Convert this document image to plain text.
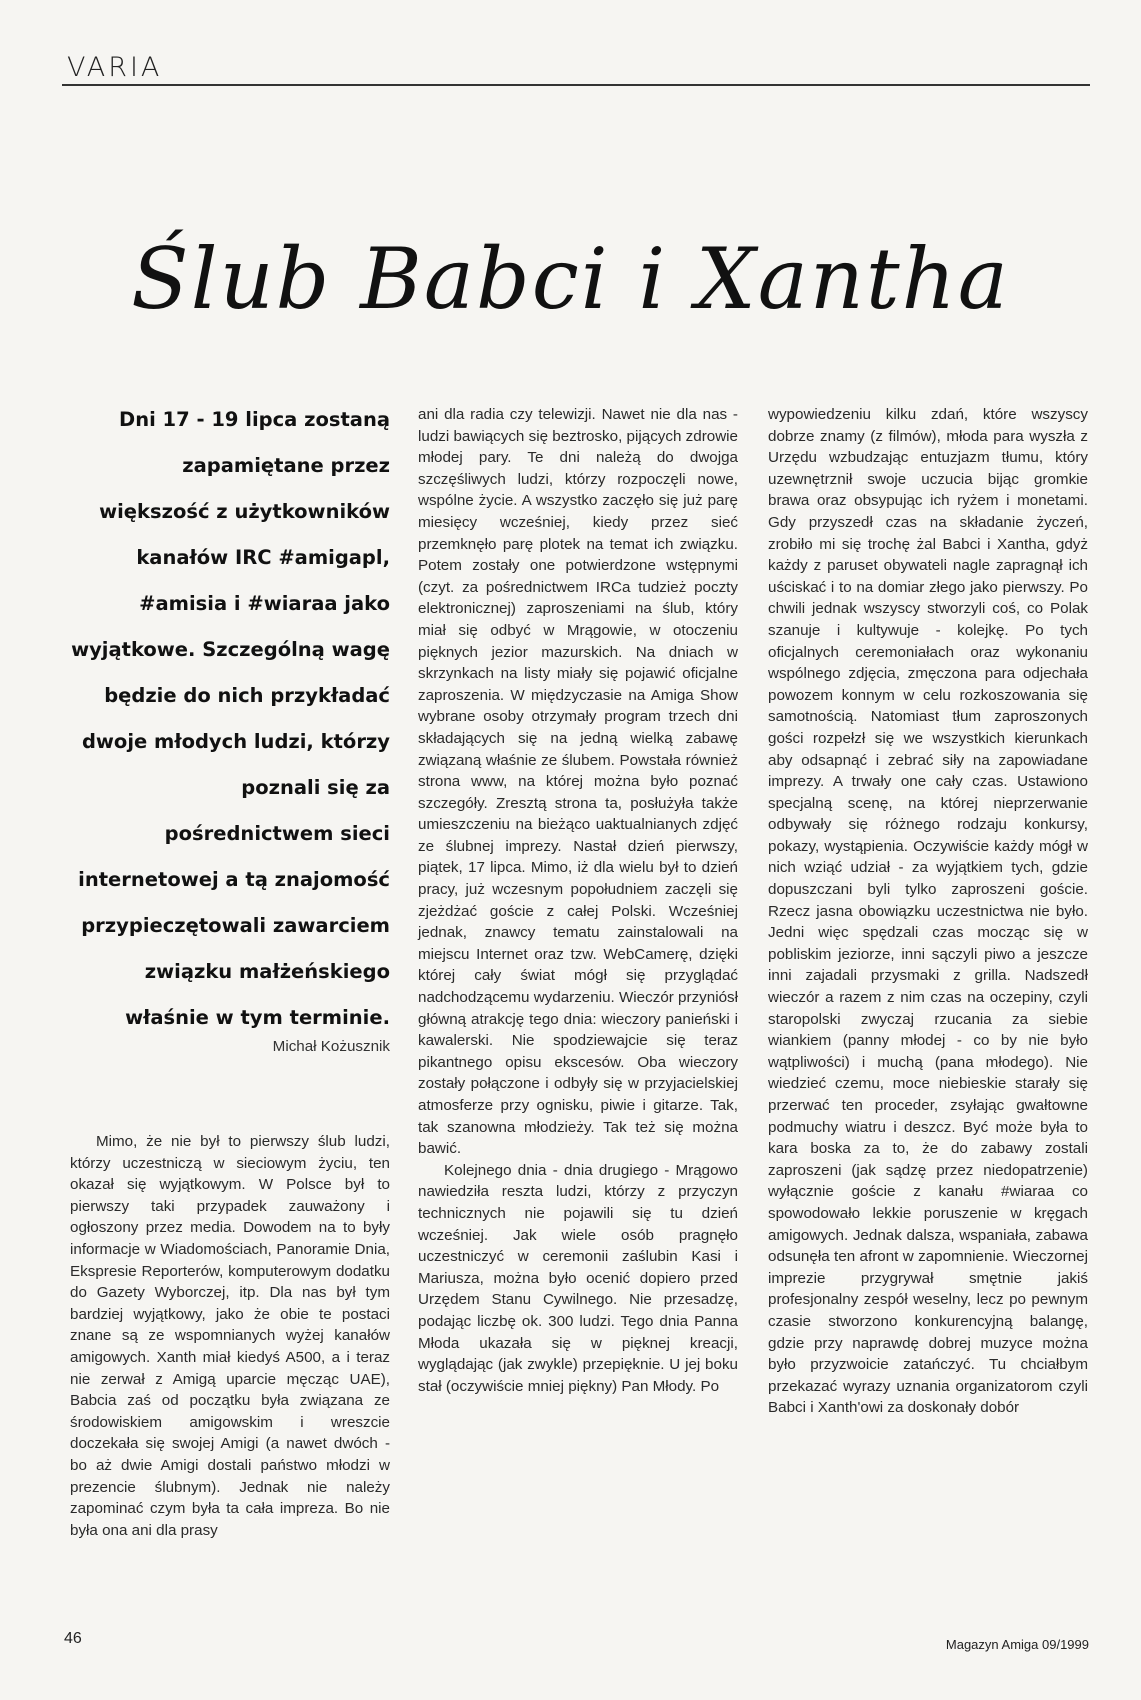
VARIA
Ślub Babci i Xantha
Dni 17 - 19 lipca zostaną zapamiętane przez większość z użytkowników kanałów IRC #amigapl, #amisia i #wiaraa jako wyjątkowe. Szczególną wagę będzie do nich przykładać dwoje młodych ludzi, którzy poznali się za pośrednictwem sieci internetowej a tą znajomość przypieczętowali zawarciem związku małżeńskiego właśnie w tym terminie.
Michał Kożusznik

Mimo, że nie był to pierwszy ślub ludzi, którzy uczestniczą w sieciowym życiu, ten okazał się wyjątkowym. W Polsce był to pierwszy taki przypadek zauważony i ogłoszony przez media. Dowodem na to były informacje w Wiadomościach, Panoramie Dnia, Ekspresie Reporterów, komputerowym dodatku do Gazety Wyborczej, itp. Dla nas był tym bardziej wyjątkowy, jako że obie te postaci znane są ze wspomnianych wyżej kanałów amigowych. Xanth miał kiedyś A500, a i teraz nie zerwał z Amigą uparcie męcząc UAE), Babcia zaś od początku była związana ze środowiskiem amigowskim i wreszcie doczekała się swojej Amigi (a nawet dwóch - bo aż dwie Amigi dostali państwo młodzi w prezencie ślubnym). Jednak nie należy zapominać czym była ta cała impreza. Bo nie była ona ani dla prasy

ani dla radia czy telewizji. Nawet nie dla nas - ludzi bawiących się beztrosko, pijących zdrowie młodej pary. Te dni należą do dwojga szczęśliwych ludzi, którzy rozpoczęli nowe, wspólne życie. A wszystko zaczęło się już parę miesięcy wcześniej, kiedy przez sieć przemknęło parę plotek na temat ich związku. Potem zostały one potwierdzone wstępnymi (czyt. za pośrednictwem IRCa tudzież poczty elektronicznej) zaproszeniami na ślub, który miał się odbyć w Mrągowie, w otoczeniu pięknych jezior mazurskich. Na dniach w skrzynkach na listy miały się pojawić oficjalne zaproszenia. W międzyczasie na Amiga Show wybrane osoby otrzymały program trzech dni składających się na jedną wielką zabawę związaną właśnie ze ślubem. Powstała również strona www, na której można było poznać szczegóły. Zresztą strona ta, posłużyła także umieszczeniu na bieżąco uaktualnianych zdjęć ze ślubnej imprezy. Nastał dzień pierwszy, piątek, 17 lipca. Mimo, iż dla wielu był to dzień pracy, już wczesnym popołudniem zaczęli się zjeżdżać goście z całej Polski. Wcześniej jednak, znawcy tematu zainstalowali na miejscu Internet oraz tzw. WebCamerę, dzięki której cały świat mógł się przyglądać nadchodzącemu wydarzeniu. Wieczór przyniósł główną atrakcję tego dnia: wieczory panieński i kawalerski. Nie spodziewajcie się teraz pikantnego opisu ekscesów. Oba wieczory zostały połączone i odbyły się w przyjacielskiej atmosferze przy ognisku, piwie i gitarze. Tak, tak szanowna młodzieży. Tak też się można bawić.

Kolejnego dnia - dnia drugiego - Mrągowo nawiedziła reszta ludzi, którzy z przyczyn technicznych nie pojawili się tu dzień wcześniej. Jak wiele osób pragnęło uczestniczyć w ceremonii zaślubin Kasi i Mariusza, można było ocenić dopiero przed Urzędem Stanu Cywilnego. Nie przesadzę, podając liczbę ok. 300 ludzi. Tego dnia Panna Młoda ukazała się w pięknej kreacji, wyglądając (jak zwykle) przepięknie. U jej boku stał (oczywiście mniej piękny) Pan Młody. Po

wypowiedzeniu kilku zdań, które wszyscy dobrze znamy (z filmów), młoda para wyszła z Urzędu wzbudzając entuzjazm tłumu, który uzewnętrznił swoje uczucia bijąc gromkie brawa oraz obsypując ich ryżem i monetami. Gdy przyszedł czas na składanie życzeń, zrobiło mi się trochę żal Babci i Xantha, gdyż każdy z paruset obywateli nagle zapragnął ich uściskać i to na domiar złego jako pierwszy. Po chwili jednak wszyscy stworzyli coś, co Polak szanuje i kultywuje - kolejkę. Po tych oficjalnych ceremoniałach oraz wykonaniu wspólnego zdjęcia, zmęczona para odjechała powozem konnym w celu rozkoszowania się samotnością. Natomiast tłum zaproszonych gości rozpełzł się we wszystkich kierunkach aby odsapnąć i zebrać siły na zapowiadane imprezy. A trwały one cały czas. Ustawiono specjalną scenę, na której nieprzerwanie odbywały się różnego rodzaju konkursy, pokazy, wystąpienia. Oczywiście każdy mógł w nich wziąć udział - za wyjątkiem tych, gdzie dopuszczani byli tylko zaproszeni goście. Rzecz jasna obowiązku uczestnictwa nie było. Jedni więc spędzali czas mocząc się w pobliskim jeziorze, inni sączyli piwo a jeszcze inni zajadali przysmaki z grilla. Nadszedł wieczór a razem z nim czas na oczepiny, czyli staropolski zwyczaj rzucania za siebie wiankiem (panny młodej - co by nie było wątpliwości) i muchą (pana młodego). Nie wiedzieć czemu, moce niebieskie starały się przerwać ten proceder, zsyłając gwałtowne podmuchy wiatru i deszcz. Być może była to kara boska za to, że do zabawy zostali zaproszeni (jak sądzę przez niedopatrzenie) wyłącznie goście z kanału #wiaraa co spowodowało lekkie poruszenie w kręgach amigowych. Jednak dalsza, wspaniała, zabawa odsunęła ten afront w zapomnienie. Wieczornej imprezie przygrywał smętnie jakiś profesjonalny zespół weselny, lecz po pewnym czasie stworzono konkurencyjną balangę, gdzie przy naprawdę dobrej muzyce można było przyzwoicie zatańczyć. Tu chciałbym przekazać wyrazy uznania organizatorom czyli Babci i Xanth'owi za doskonały dobór

46	Magazyn Amiga 09/1999
